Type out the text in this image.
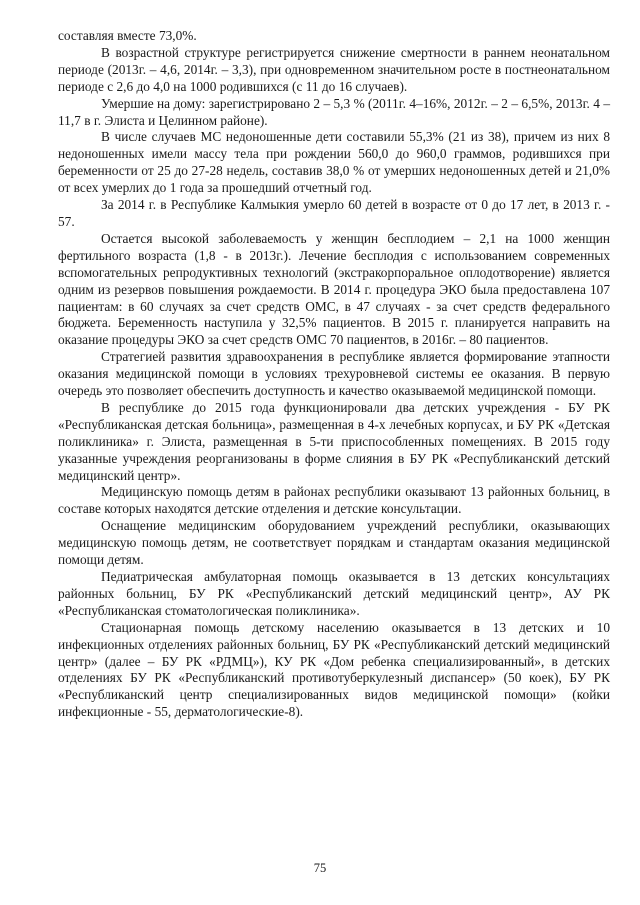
составляя вместе 73,0%.

В возрастной структуре регистрируется снижение смертности в раннем неонатальном периоде (2013г. – 4,6, 2014г. – 3,3), при одновременном значительном росте в постнеонатальном периоде с 2,6 до 4,0 на 1000 родившихся (с 11 до 16 случаев).

Умершие на дому: зарегистрировано 2 – 5,3 % (2011г. 4–16%, 2012г. – 2 – 6,5%, 2013г. 4 – 11,7 в г. Элиста и Целинном районе).

В числе случаев МС недоношенные дети составили 55,3% (21 из 38), причем из них 8 недоношенных имели массу тела при рождении 560,0 до 960,0 граммов, родившихся при беременности от 25 до 27-28 недель, составив 38,0 % от умерших недоношенных детей и 21,0% от всех умерлих до 1 года за прошедший отчетный год.

За 2014 г. в Республике Калмыкия умерло 60 детей в возрасте от 0 до 17 лет, в 2013 г. - 57.

Остается высокой заболеваемость у женщин бесплодием – 2,1 на 1000 женщин фертильного возраста (1,8 - в 2013г.). Лечение бесплодия с использованием современных вспомогательных репродуктивных технологий (экстракорпоральное оплодотворение) является одним из резервов повышения рождаемости. В 2014 г. процедура ЭКО была предоставлена 107 пациентам: в 60 случаях за счет средств ОМС, в 47 случаях - за счет средств федерального бюджета. Беременность наступила у 32,5% пациентов. В 2015 г. планируется направить на оказание процедуры ЭКО за счет средств ОМС 70 пациентов, в 2016г. – 80 пациентов.

Стратегией развития здравоохранения в республике является формирование этапности оказания медицинской помощи в условиях трехуровневой системы ее оказания. В первую очередь это позволяет обеспечить доступность и качество оказываемой медицинской помощи.

В республике до 2015 года функционировали два детских учреждения - БУ РК «Республиканская детская больница», размещенная в 4-х лечебных корпусах, и БУ РК «Детская поликлиника» г. Элиста, размещенная в 5-ти приспособленных помещениях. В 2015 году указанные учреждения реорганизованы в форме слияния в БУ РК «Республиканский детский медицинский центр».

Медицинскую помощь детям в районах республики оказывают 13 районных больниц, в составе которых находятся детские отделения и детские консультации.

Оснащение медицинским оборудованием учреждений республики, оказывающих медицинскую помощь детям, не соответствует порядкам и стандартам оказания медицинской помощи детям.

Педиатрическая амбулаторная помощь оказывается в 13 детских консультациях районных больниц, БУ РК «Республиканский детский медицинский центр», АУ РК «Республиканская стоматологическая поликлиника».

Стационарная помощь детскому населению оказывается в 13 детских и 10 инфекционных отделениях районных больниц, БУ РК «Республиканский детский медицинский центр» (далее – БУ РК «РДМЦ»), КУ РК «Дом ребенка специализированный», в детских отделениях БУ РК «Республиканский противотуберкулезный диспансер» (50 коек), БУ РК «Республиканский центр специализированных видов медицинской помощи» (койки инфекционные - 55, дерматологические-8).

75
